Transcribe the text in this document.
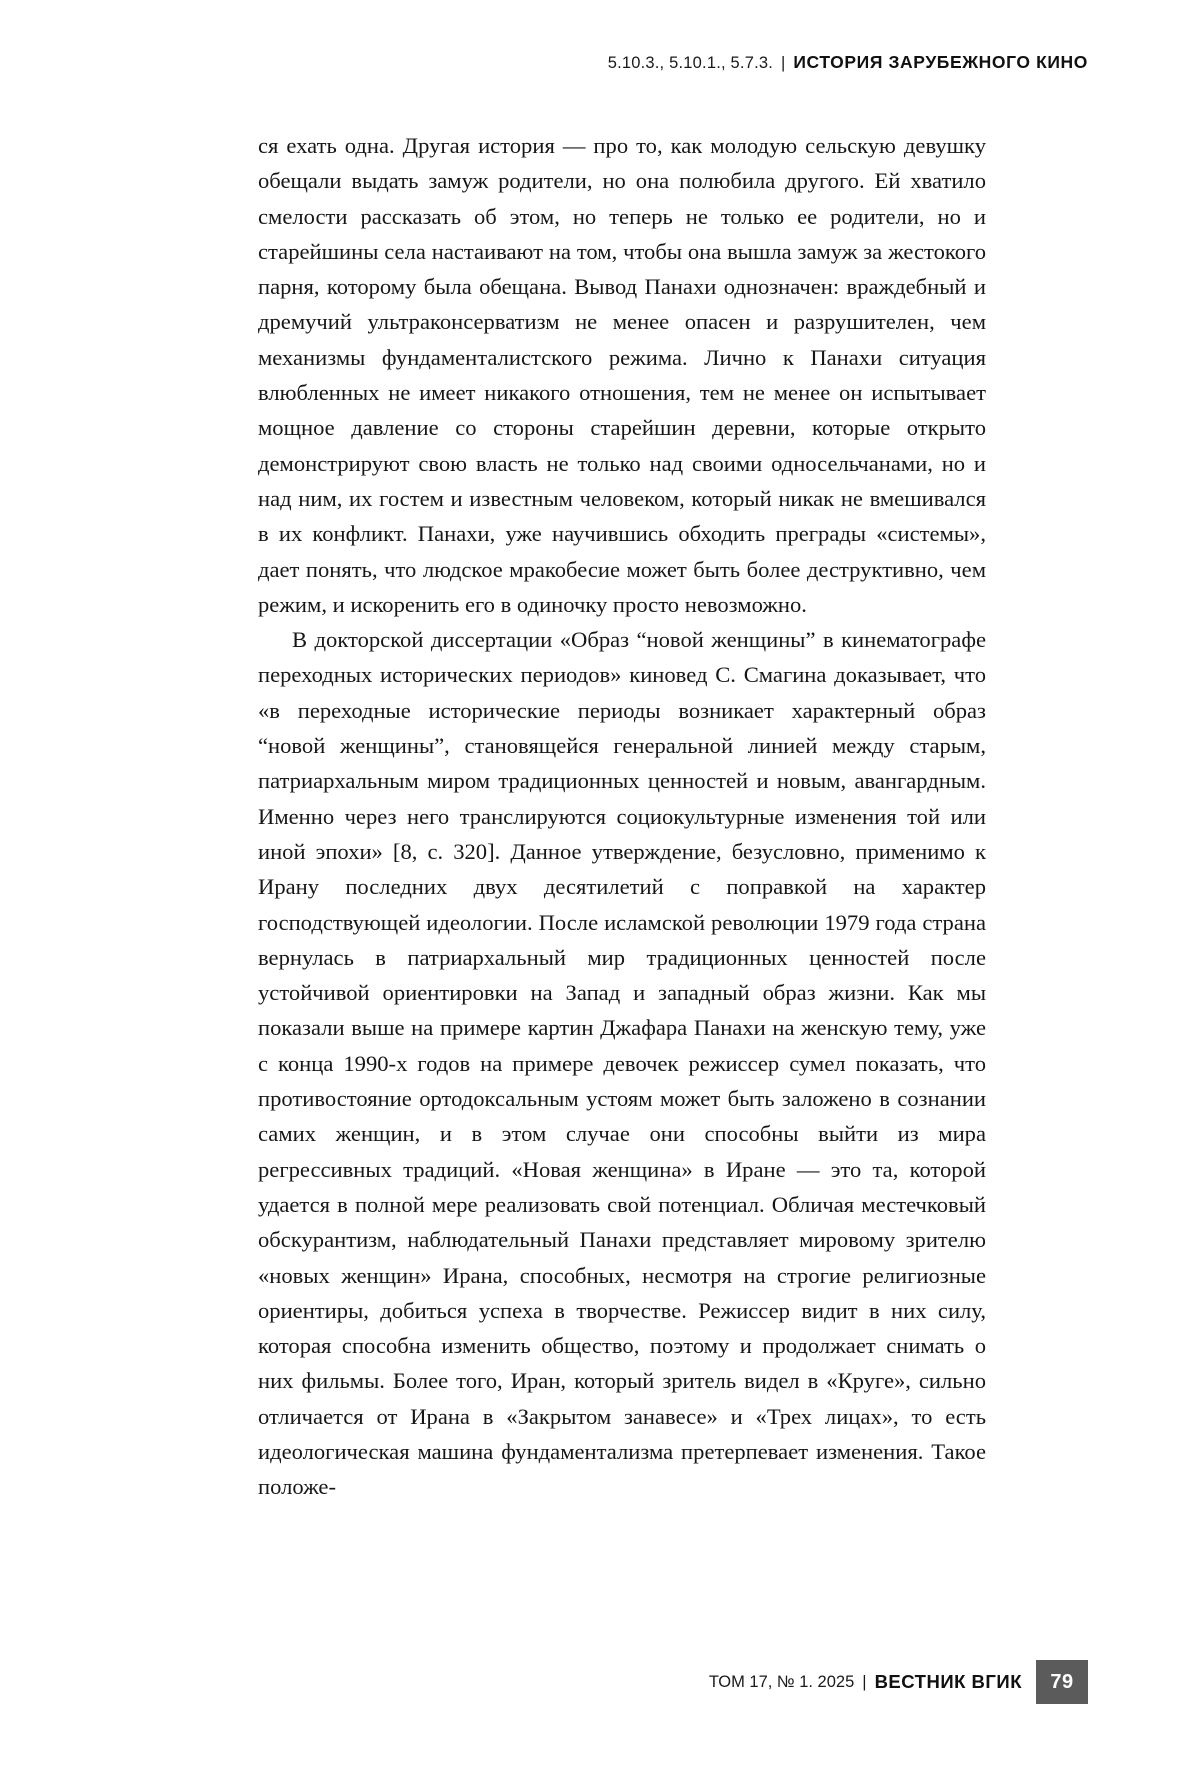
5.10.3., 5.10.1., 5.7.3. | ИСТОРИЯ ЗАРУБЕЖНОГО КИНО

ся ехать одна. Другая история — про то, как молодую сельскую девушку обещали выдать замуж родители, но она полюбила другого. Ей хватило смелости рассказать об этом, но теперь не только ее родители, но и старейшины села настаивают на том, чтобы она вышла замуж за жестокого парня, которому была обещана. Вывод Панахи однозначен: враждебный и дремучий ультраконсерватизм не менее опасен и разрушителен, чем механизмы фундаменталистского режима. Лично к Панахи ситуация влюбленных не имеет никакого отношения, тем не менее он испытывает мощное давление со стороны старейшин деревни, которые открыто демонстрируют свою власть не только над своими односельчанами, но и над ним, их гостем и известным человеком, который никак не вмешивался в их конфликт. Панахи, уже научившись обходить преграды «системы», дает понять, что людское мракобесие может быть более деструктивно, чем режим, и искоренить его в одиночку просто невозможно.

В докторской диссертации «Образ “новой женщины” в кинематографе переходных исторических периодов» киновед С. Смагина доказывает, что «в переходные исторические периоды возникает характерный образ “новой женщины”, становящейся генеральной линией между старым, патриархальным миром традиционных ценностей и новым, авангардным. Именно через него транслируются социокультурные изменения той или иной эпохи» [8, с. 320]. Данное утверждение, безусловно, применимо к Ирану последних двух десятилетий с поправкой на характер господствующей идеологии. После исламской революции 1979 года страна вернулась в патриархальный мир традиционных ценностей после устойчивой ориентировки на Запад и западный образ жизни. Как мы показали выше на примере картин Джафара Панахи на женскую тему, уже с конца 1990-х годов на примере девочек режиссер сумел показать, что противостояние ортодоксальным устоям может быть заложено в сознании самих женщин, и в этом случае они способны выйти из мира регрессивных традиций. «Новая женщина» в Иране — это та, которой удается в полной мере реализовать свой потенциал. Обличая местечковый обскурантизм, наблюдательный Панахи представляет мировому зрителю «новых женщин» Ирана, способных, несмотря на строгие религиозные ориентиры, добиться успеха в творчестве. Режиссер видит в них силу, которая способна изменить общество, поэтому и продолжает снимать о них фильмы. Более того, Иран, который зритель видел в «Круге», сильно отличается от Ирана в «Закрытом занавесе» и «Трех лицах», то есть идеологическая машина фундаментализма претерпевает изменения. Такое положе-

ТОМ 17, № 1. 2025 | ВЕСТНИК ВГИК	79
